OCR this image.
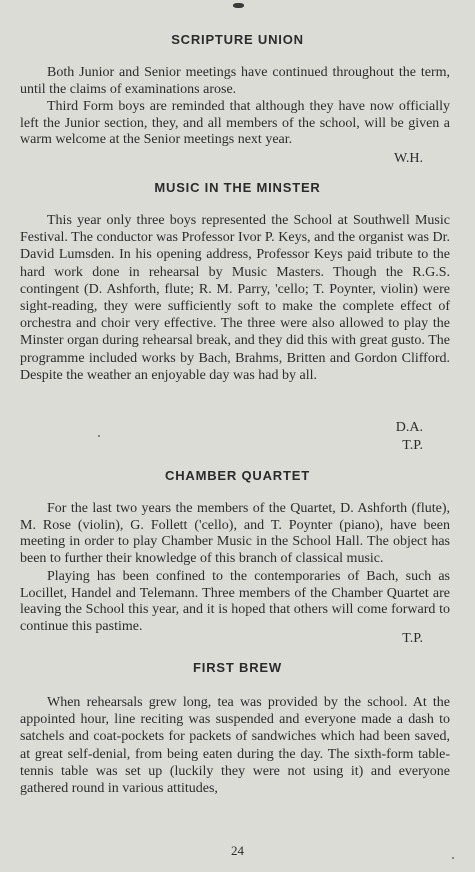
SCRIPTURE UNION

Both Junior and Senior meetings have continued throughout the term, until the claims of examinations arose.

Third Form boys are reminded that although they have now officially left the Junior section, they, and all members of the school, will be given a warm welcome at the Senior meetings next year.

W.H.

MUSIC IN THE MINSTER

This year only three boys represented the School at Southwell Music Festival. The conductor was Professor Ivor P. Keys, and the organist was Dr. David Lumsden. In his opening address, Professor Keys paid tribute to the hard work done in rehearsal by Music Masters. Though the R.G.S. contingent (D. Ashforth, flute; R. M. Parry, 'cello; T. Poynter, violin) were sight-reading, they were sufficiently soft to make the complete effect of orchestra and choir very effective. The three were also allowed to play the Minster organ during rehearsal break, and they did this with great gusto. The programme included works by Bach, Brahms, Britten and Gordon Clifford. Despite the weather an enjoyable day was had by all.

D.A.

T.P.

CHAMBER QUARTET

For the last two years the members of the Quartet, D. Ashforth (flute), M. Rose (violin), G. Follett ('cello), and T. Poynter (piano), have been meeting in order to play Chamber Music in the School Hall. The object has been to further their knowledge of this branch of classical music.

Playing has been confined to the contemporaries of Bach, such as Locillet, Handel and Telemann. Three members of the Chamber Quartet are leaving the School this year, and it is hoped that others will come forward to continue this pastime.

T.P.

FIRST BREW

When rehearsals grew long, tea was provided by the school. At the appointed hour, line reciting was suspended and everyone made a dash to satchels and coat-pockets for packets of sandwiches which had been saved, at great self-denial, from being eaten during the day. The sixth-form table-tennis table was set up (luckily they were not using it) and everyone gathered round in various attitudes,

24
